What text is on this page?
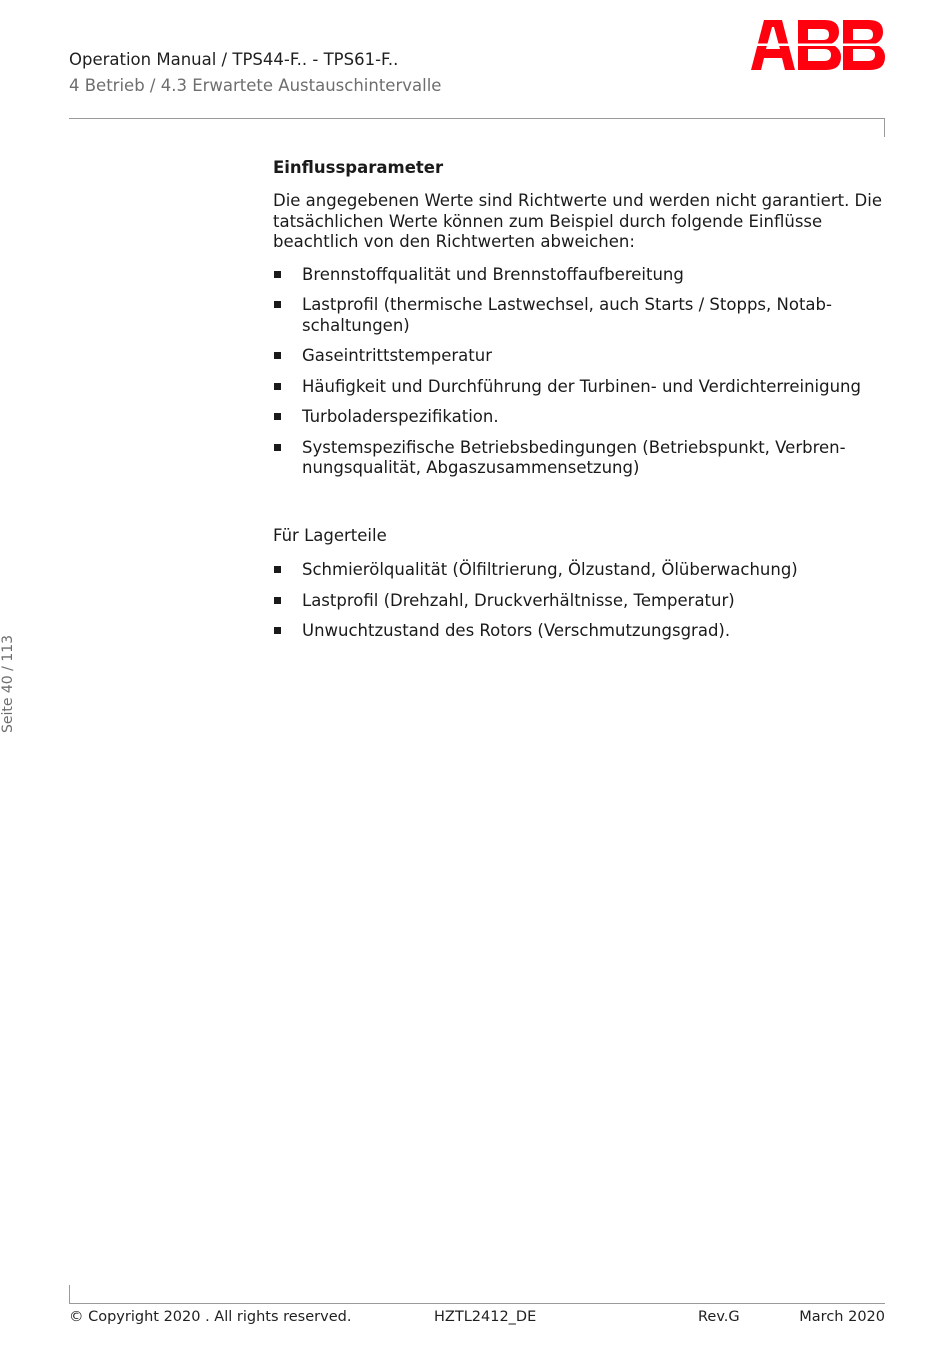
Operation Manual / TPS44-F.. - TPS61-F..
4 Betrieb / 4.3 Erwartete Austauschintervalle
Seite 40 / 113
Einflussparameter

Die angegebenen Werte sind Richtwerte und werden nicht garantiert. Die tatsächlichen Werte können zum Beispiel durch folgende Einflüsse beachtlich von den Richtwerten abweichen:

Brennstoffqualität und Brennstoffaufbereitung
Lastprofil (thermische Lastwechsel, auch Starts / Stopps, Notabschaltungen)
Gaseintrittstemperatur
Häufigkeit und Durchführung der Turbinen- und Verdichterreinigung
Turboladerspezifikation.
Systemspezifische Betriebsbedingungen (Betriebspunkt, Verbrennungsqualität, Abgaszusammensetzung)
Für Lagerteile
Schmierölqualität (Ölfiltrierung, Ölzustand, Ölüberwachung)
Lastprofil (Drehzahl, Druckverhältnisse, Temperatur)
Unwuchtzustand des Rotors (Verschmutzungsgrad).
© Copyright 2020 . All rights reserved.	HZTL2412_DE	Rev.G	March 2020
